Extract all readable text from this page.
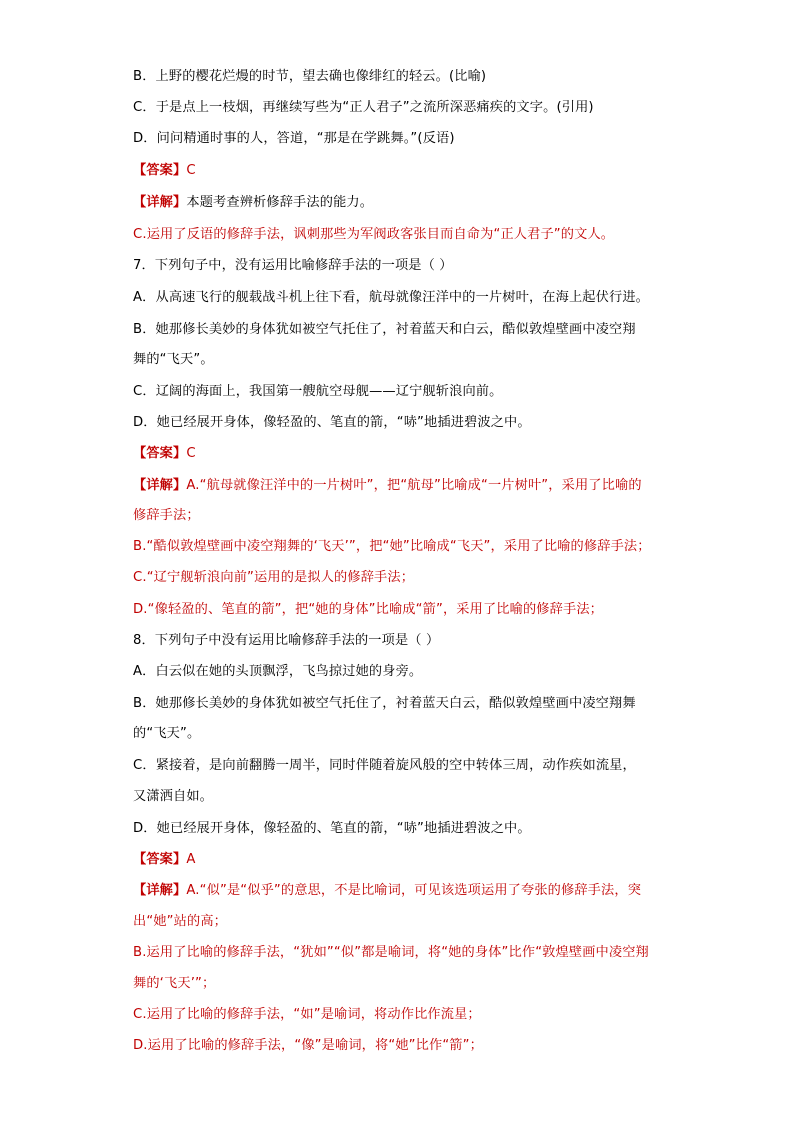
B．上野的樱花烂熳的时节，望去确也像绯红的轻云。(比喻)
C．于是点上一枝烟，再继续写些为“正人君子”之流所深恶痛疾的文字。(引用)
D．问问精通时事的人，答道，“那是在学跳舞。”(反语)
【答案】C
【详解】本题考查辨析修辞手法的能力。
C.运用了反语的修辞手法，讽刺那些为军阀政客张目而自命为“正人君子”的文人。
7．下列句子中，没有运用比喻修辞手法的一项是（ ）
A．从高速飞行的舰载战斗机上往下看，航母就像汪洋中的一片树叶，在海上起伏行进。
B．她那修长美妙的身体犹如被空气托住了，衬着蓝天和白云，酷似敦煌壁画中凌空翔
舞的“飞天”。
C．辽阔的海面上，我国第一艘航空母舰——辽宁舰斩浪向前。
D．她已经展开身体，像轻盈的、笔直的箭，“哧”地插进碧波之中。
【答案】C
【详解】A.“航母就像汪洋中的一片树叶”，把“航母”比喻成“一片树叶”，采用了比喻的
修辞手法；
B.“酷似敦煌壁画中凌空翔舞的‘飞天’”，把“她”比喻成“飞天”，采用了比喻的修辞手法；
C.“辽宁舰斩浪向前”运用的是拟人的修辞手法；
D.“像轻盈的、笔直的箭”，把“她的身体”比喻成“箭”，采用了比喻的修辞手法；
8．下列句子中没有运用比喻修辞手法的一项是（ ）
A．白云似在她的头顶飘浮，飞鸟掠过她的身旁。
B．她那修长美妙的身体犹如被空气托住了，衬着蓝天白云，酷似敦煌壁画中凌空翔舞
的“飞天”。
C．紧接着，是向前翻腾一周半，同时伴随着旋风般的空中转体三周，动作疾如流星，
又潇洒自如。
D．她已经展开身体，像轻盈的、笔直的箭，“哧”地插进碧波之中。
【答案】A
【详解】A.“似”是“似乎”的意思，不是比喻词，可见该选项运用了夸张的修辞手法，突
出“她”站的高；
B.运用了比喻的修辞手法，“犹如”“似”都是喻词，将“她的身体”比作“敦煌壁画中凌空翔
舞的‘飞天’”；
C.运用了比喻的修辞手法，“如”是喻词，将动作比作流星；
D.运用了比喻的修辞手法，“像”是喻词，将“她”比作“箭”；
